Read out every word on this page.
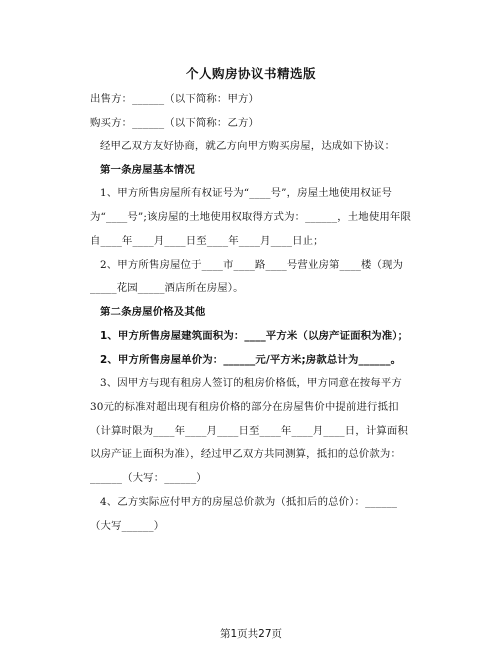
个人购房协议书精选版
出售方：______（以下简称：甲方）
购买方：______（以下简称：乙方）
经甲乙双方友好协商，就乙方向甲方购买房屋，达成如下协议：
第一条房屋基本情况
1、甲方所售房屋所有权证号为“____号”，房屋土地使用权证号
为“____号”;该房屋的土地使用权取得方式为：______，土地使用年限
自____年____月____日至____年____月____日止；
2、甲方所售房屋位于____市____路____号营业房第____楼（现为
_____花园_____酒店所在房屋）。
第二条房屋价格及其他
1、甲方所售房屋建筑面积为：____平方米（以房产证面积为准）；
2、甲方所售房屋单价为：______元/平方米;房款总计为______。
3、因甲方与现有租房人签订的租房价格低，甲方同意在按每平方
30元的标准对超出现有租房价格的部分在房屋售价中提前进行抵扣
（计算时限为____年____月____日至____年____月____日，计算面积
以房产证上面积为准），经过甲乙双方共同测算，抵扣的总价款为：
______（大写：______）
4、乙方实际应付甲方的房屋总价款为（抵扣后的总价）：______
（大写______）
第1页共27页
